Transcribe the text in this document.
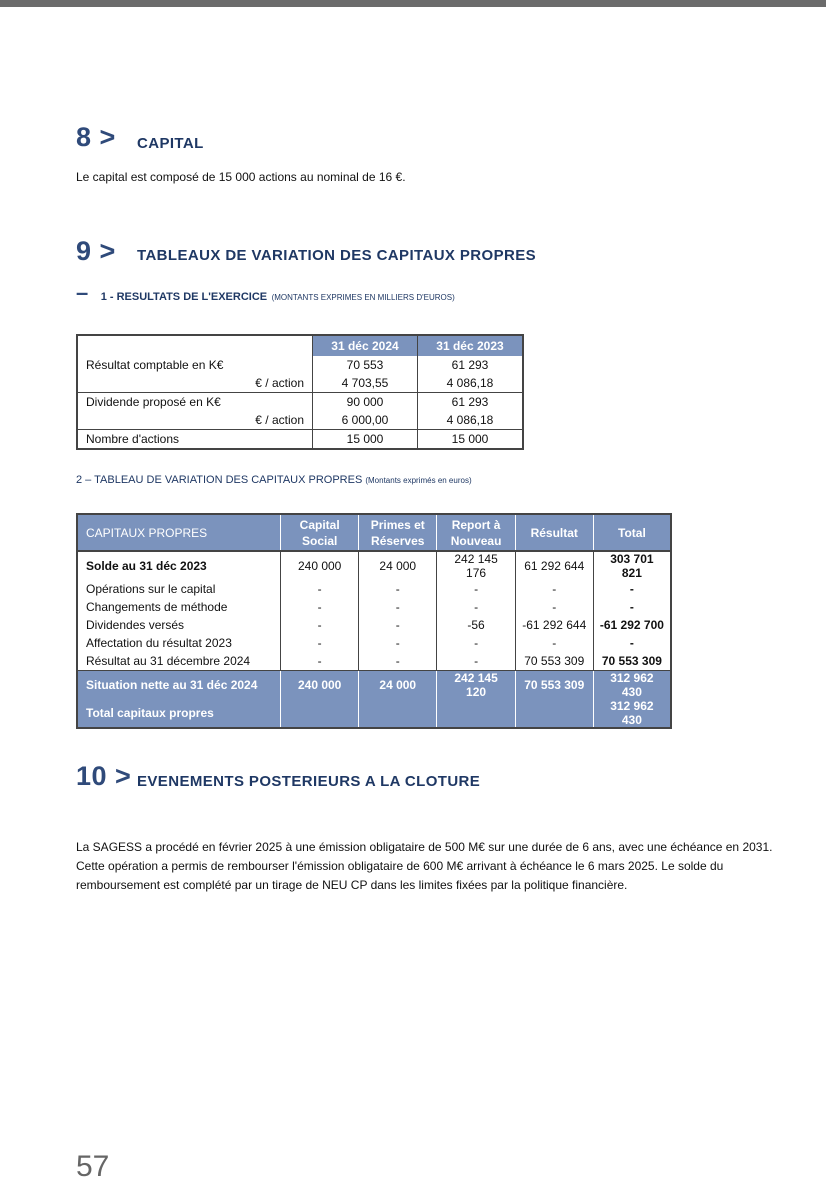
8 > CAPITAL
Le capital est composé de 15 000 actions au nominal de 16 €.
9 > TABLEAUX DE VARIATION DES CAPITAUX PROPRES
– 1 - RESULTATS DE L'EXERCICE (MONTANTS EXPRIMES EN MILLIERS D'EUROS)
	31 déc 2024	31 déc 2023
Résultat comptable en K€	70 553	61 293
€ / action	4 703,55	4 086,18
Dividende proposé en K€	90 000	61 293
€ / action	6 000,00	4 086,18
Nombre d'actions	15 000	15 000
2 – TABLEAU DE VARIATION DES CAPITAUX PROPRES (Montants exprimés en euros)
CAPITAUX PROPRES	Capital Social	Primes et Réserves	Report à Nouveau	Résultat	Total
Solde au 31 déc 2023	240 000	24 000	242 145 176	61 292 644	303 701 821
Opérations sur le capital	-	-	-	-	-
Changements de méthode	-	-	-	-	-
Dividendes versés	-	-	-56	-61 292 644	-61 292 700
Affectation du résultat 2023	-	-	-	-	-
Résultat au 31 décembre 2024	-	-	-	70 553 309	70 553 309
Situation nette au 31 déc 2024	240 000	24 000	242 145 120	70 553 309	312 962 430
Total capitaux propres					312 962 430
10 > EVENEMENTS POSTERIEURS A LA CLOTURE
La SAGESS a procédé en février 2025 à une émission obligataire de 500 M€ sur une durée de 6 ans, avec une échéance en 2031. Cette opération a permis de rembourser l'émission obligataire de 600 M€ arrivant à échéance le 6 mars 2025. Le solde du remboursement est complété par un tirage de NEU CP dans les limites fixées par la politique financière.
57
